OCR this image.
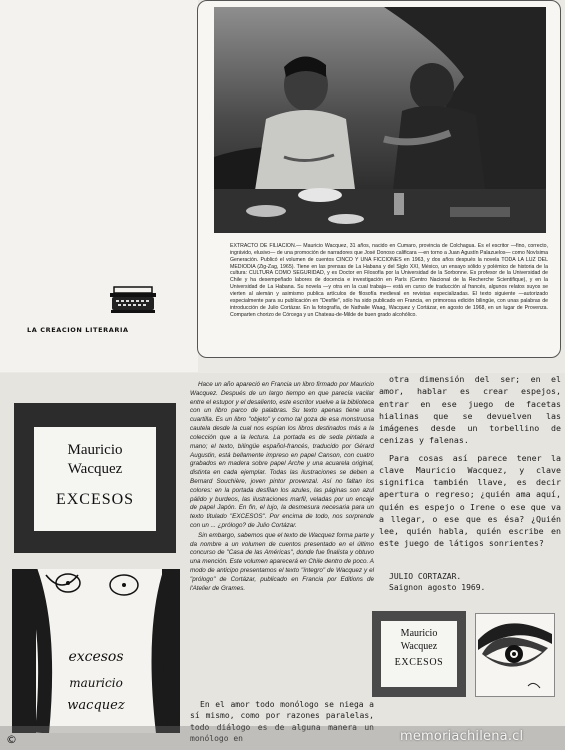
LA CREACION LITERARIA
EXTRACTO DE FILIACION.— Mauricio Wacquez, 31 años, nacido en Cumaro, provincia de Colchagua. Es el escritor —fino, correcto, ingrávido, elusivo— de una promoción de narradores que José Donoso calificara —en torno a Juan Agustín Palazuelos— como Novísima Generación. Publicó el volumen de cuentos CINCO Y UNA FICCIONES en 1963, y dos años después la novela TODA LA LUZ DEL MEDIODIA (Zig-Zag, 1965). Tiene en las prensas de La Habana y del Siglo XXI, México, un ensayo sólido y polémico de historia de la cultura: CULTURA COMO SEGURIDAD, y es Doctor en Filosofía por la Universidad de la Sorbonne. Es profesor de la Universidad de Chile y ha desempeñado labores de docencia e investigación en París (Centro Nacional de la Recherche Scientifique), y en la Universidad de La Habana. Su novela —y otra en la cual trabaja— está en curso de traducción al francés, algunos relatos suyos se vierten al alemán y asimismo publica artículos de filosofía medieval en revistas especializadas. El texto siguiente —autorizado especialmente para su publicación en "Desfile", sólo ha sido publicado en Francia, en primorosa edición bilingüe, con unas palabras de introducción de Julio Cortázar. En la fotografía, de Nathalie Waag, Wacquez y Cortázar, en agosto de 1968, en un lugar de Provenza. Comparten chorizo de Córcega y un Chateau-de-Milde de buen grado alcohólico.
Mauricio
Wacquez
EXCESOS
excesos
mauricio
wacquez

Hace un año apareció en Francia un libro firmado por Mauricio Wacquez. Después de un largo tiempo en que parecía vacilar entre el estupor y el desaliento, este escritor vuelve a la biblioteca con un libro parco de palabras. Su texto apenas tiene una cuartilla. Es un libro "objeto" y como tal goza de esa monstruosa cautela desde la cual nos espían los libros destinados más a la colección que a la lectura. La portada es de seda pintada a mano; el texto, bilingüe español-francés, traducido por Gérard Augustin, está bellamente impreso en papel Canson, con cuatro grabados en madera sobre papel Arche y una acuarela original, distinta en cada ejemplar. Todas las ilustraciones se deben a Bernard Souchière, joven pintor provenzal. Así no faltan los colores: en la portada desfilan los azules, las páginas son azul pálido y burdeos, las ilustraciones marfil, veladas por un encaje de papel Japón. En fin, el lujo, la desmesura necesaria para un texto titulado "EXCESOS". Por encima de todo, nos sorprende con un ... ¿prólogo? de Julio Cortázar.

Sin embargo, sabemos que el texto de Wacquez forma parte y da nombre a un volumen de cuentos presentado en el último concurso de "Casa de las Américas", donde fue finalista y obtuvo una mención. Este volumen aparecerá en Chile dentro de poco. A modo de anticipo presentamos el texto "íntegro" de Wacquez y el "prólogo" de Cortázar, publicado en Francia por Editions de l'Atelier de Grames.

En el amor todo monólogo se niega a sí mismo, como por razones paralelas, todo diálogo es de alguna manera un monólogo en

otra dimensión del ser; en el amor, hablar es crear espejos, entrar en ese juego de facetas hialinas que se devuelven las imágenes desde un torbellino de cenizas y falenas.

Para cosas así parece tener la clave Mauricio Wacquez, y clave significa también llave, es decir apertura o regreso; ¿quién ama aquí, quién es espejo o Irene o ese que va a llegar, o ese que es ésa? ¿Quién lee, quién habla, quién escribe en este juego de látigos sonrientes?

JULIO CORTAZAR.
Saignon agosto 1969.
Mauricio
Wacquez
EXCESOS
©	memoriachilena.cl
